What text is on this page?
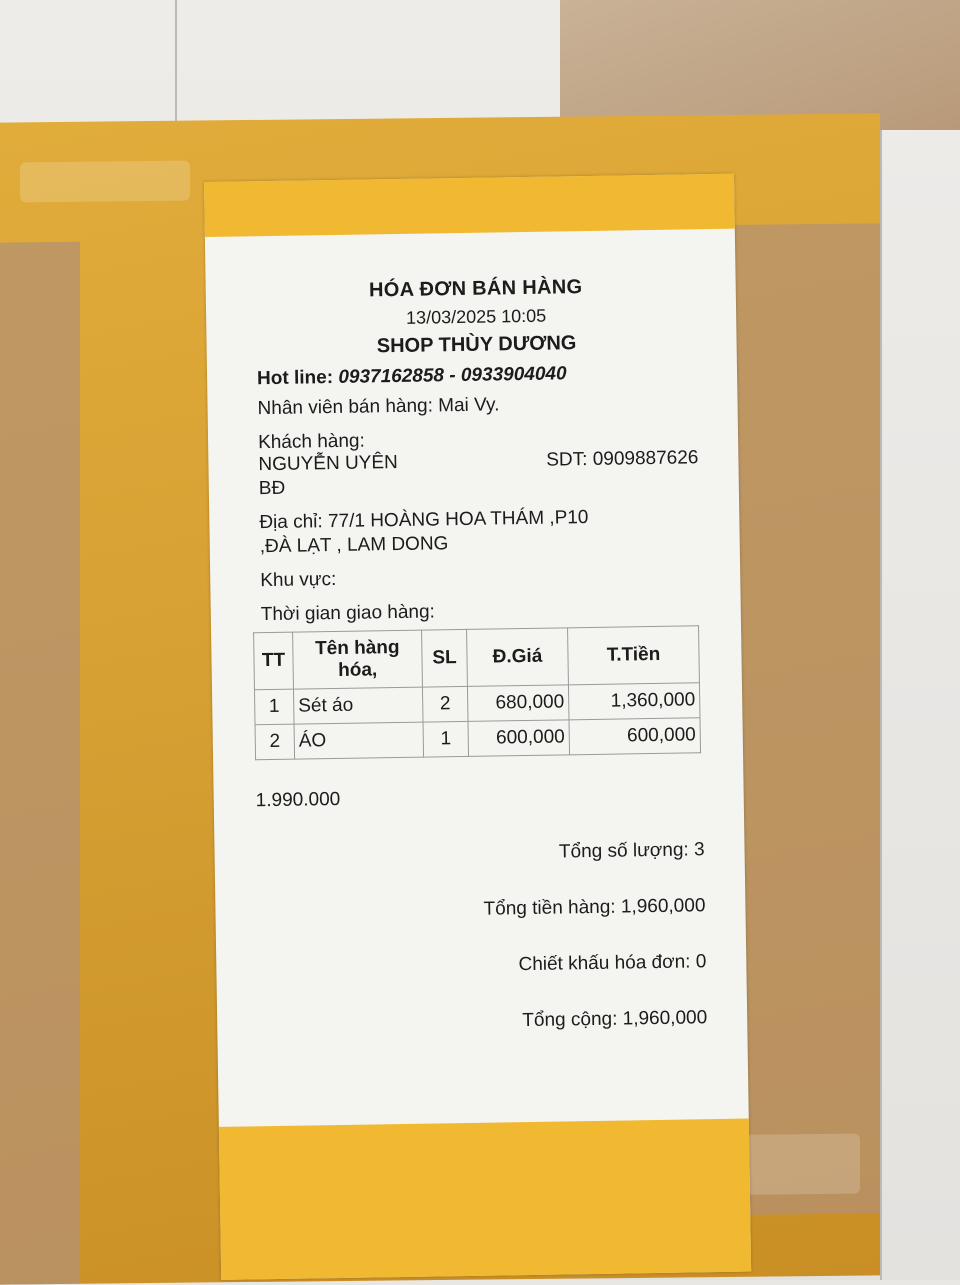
HÓA ĐƠN BÁN HÀNG
13/03/2025 10:05
SHOP THÙY DƯƠNG
Hot line: 0937162858 - 0933904040
Nhân viên bán hàng: Mai Vy.
Khách hàng:
NGUYỄN UYÊN	SDT: 0909887626
BĐ
Địa chỉ: 77/1 HOÀNG HOA THÁM ,P10
,ĐÀ LẠT , LAM DONG
Khu vực:
Thời gian giao hàng:
TT	Tên hàng hóa,	SL	Đ.Giá	T.Tiền
1	Sét áo	2	680,000	1,360,000
2	ÁO	1	600,000	600,000
1.990.000
Tổng số lượng: 3
Tổng tiền hàng: 1,960,000
Chiết khấu hóa đơn: 0
Tổng cộng: 1,960,000
